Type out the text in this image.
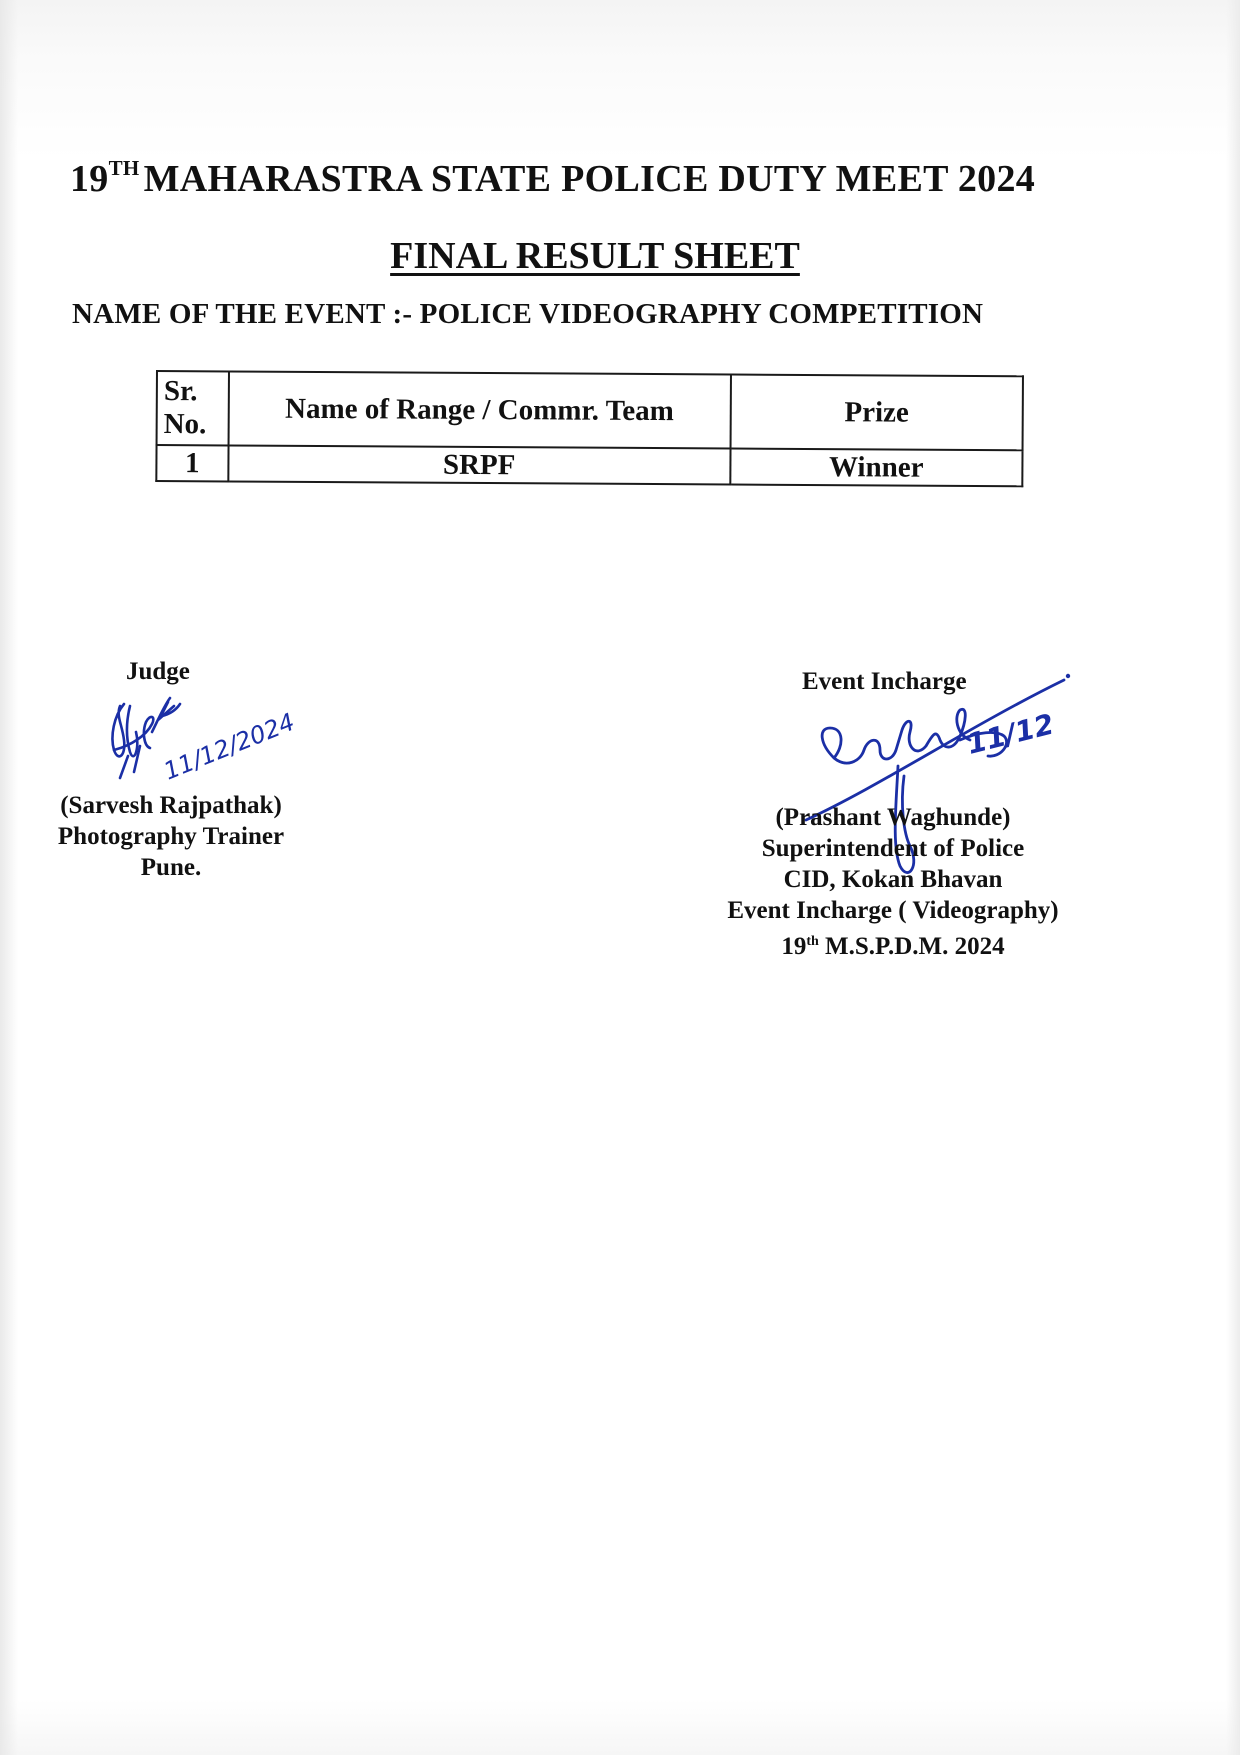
19TH MAHARASTRA STATE POLICE DUTY MEET 2024
FINAL RESULT SHEET
NAME OF THE EVENT :- POLICE VIDEOGRAPHY COMPETITION
Sr.
No.	Name of Range / Commr. Team	Prize
1	SRPF	Winner
Judge
11/12/2024
(Sarvesh Rajpathak)
Photography Trainer
Pune.
Event Incharge
11/12
(Prashant Waghunde)
Superintendent of Police
CID, Kokan Bhavan
Event Incharge ( Videography)
19th M.S.P.D.M. 2024
